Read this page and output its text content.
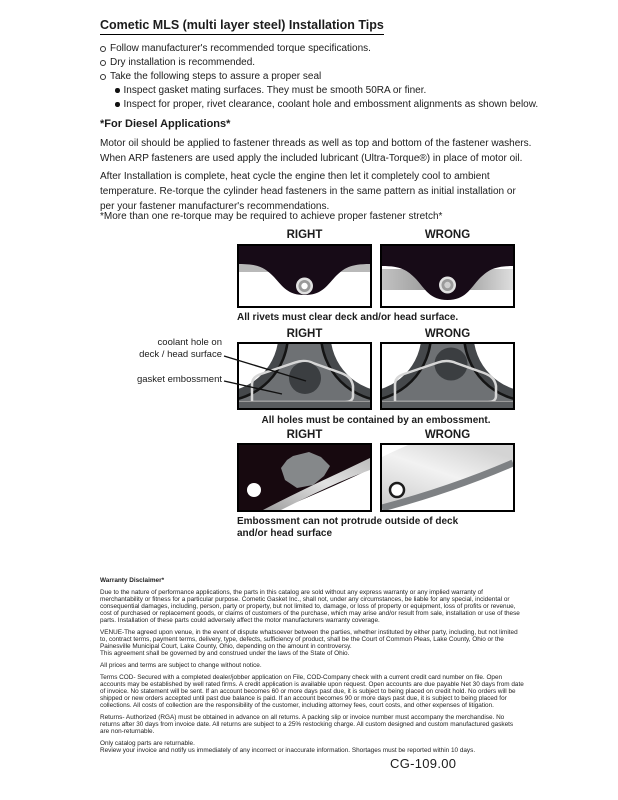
Cometic MLS (multi layer steel) Installation Tips
Follow manufacturer's recommended torque specifications.
Dry installation is recommended.
Take the following steps to assure a proper seal
Inspect gasket mating surfaces. They must be smooth 50RA or finer.
Inspect for proper, rivet clearance, coolant hole and embossment alignments as shown below.
*For Diesel Applications*
Motor oil should be applied to fastener threads as well as top and bottom of the fastener washers. When ARP fasteners are used apply the included lubricant (Ultra-Torque®) in place of motor oil.
After Installation is complete, heat cycle the engine then let it completely cool to ambient temperature. Re-torque the cylinder head fasteners in the same pattern as initial installation or per your fastener manufacturer's recommendations.
*More than one re-torque may be required to achieve proper fastener stretch*
RIGHT	WRONG
All rivets must clear deck and/or head surface.
RIGHT	WRONG
All holes must be contained by an embossment.
coolant hole on
deck / head surface
gasket embossment
RIGHT	WRONG
Embossment can not protrude outside of deck
and/or head surface
Warranty Disclaimer*

Due to the nature of performance applications, the parts in this catalog are sold without any express warranty or any implied warranty of merchantability or fitness for a particular purpose. Cometic Gasket Inc., shall not, under any circumstances, be liable for any special, incidental or consequential damages, including, person, party or property, but not limited to, damage, or loss of property or equipment, loss of profits or revenue, cost of purchased or replacement goods, or claims of customers of the purchase, which may arise and/or result from sale, installation or use of these parts. Installation of these parts could adversely affect the motor manufacturers warranty coverage.

VENUE-The agreed upon venue, in the event of dispute whatsoever between the parties, whether instituted by either party, including, but not limited to, contract terms, payment terms, delivery, type, defects, sufficiency of product, shall be the Court of Common Pleas, Lake County, Ohio or the Painesville Municipal Court, Lake County, Ohio, depending on the amount in controversy.

This agreement shall be governed by and construed under the laws of the State of Ohio.

All prices and terms are subject to change without notice.

Terms COD- Secured with a completed dealer/jobber application on File, COD-Company check with a current credit card number on file. Open accounts may be established by well rated firms. A credit application is available upon request. Open accounts are due payable Net 30 days from date of invoice. No statement will be sent. If an account becomes 60 or more days past due, it is subject to being placed on credit hold. No orders will be shipped or new orders accepted until past due balance is paid. If an account becomes 90 or more days past due, it is subject to being placed for collections. All costs of collection are the responsibility of the customer, including attorney fees, court costs, and other expenses of litigation.

Returns- Authorized (RGA) must be obtained in advance on all returns. A packing slip or invoice number must accompany the merchandise. No returns after 30 days from invoice date. All returns are subject to a 25% restocking charge. All custom designed and custom manufactured gaskets are non-returnable.

Only catalog parts are returnable.

Review your invoice and notify us immediately of any incorrect or inaccurate information. Shortages must be reported within 10 days.

CG-109.00
